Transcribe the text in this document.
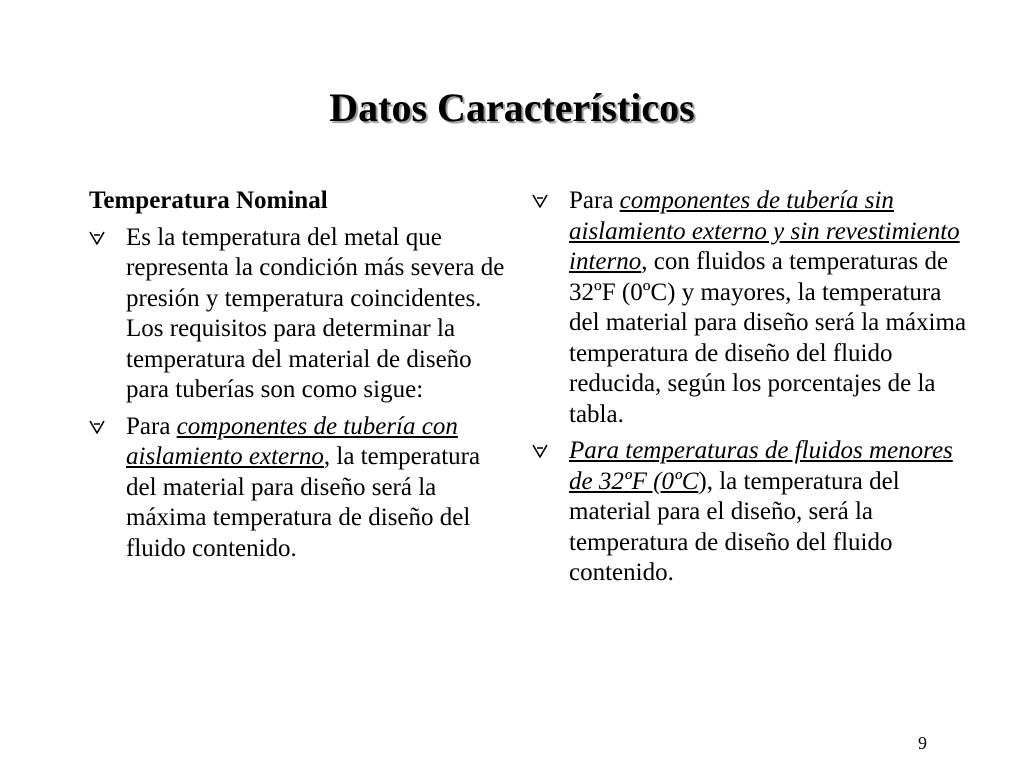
Datos Característicos
Temperatura Nominal
Es la temperatura del metal que representa la condición más severa de presión y temperatura coincidentes. Los requisitos para determinar la temperatura del material de diseño para tuberías son como sigue:
Para componentes de tubería con aislamiento externo, la temperatura del material para diseño será la máxima temperatura de diseño del fluido contenido.
Para componentes de tubería sin aislamiento externo y sin revestimiento interno, con fluidos a temperaturas de 32ºF (0ºC) y mayores, la temperatura del material para diseño será la máxima temperatura de diseño del fluido reducida, según los porcentajes de la tabla.
Para temperaturas de fluidos menores de 32ºF (0ºC), la temperatura del material para el diseño, será la temperatura de diseño del fluido contenido.
9
